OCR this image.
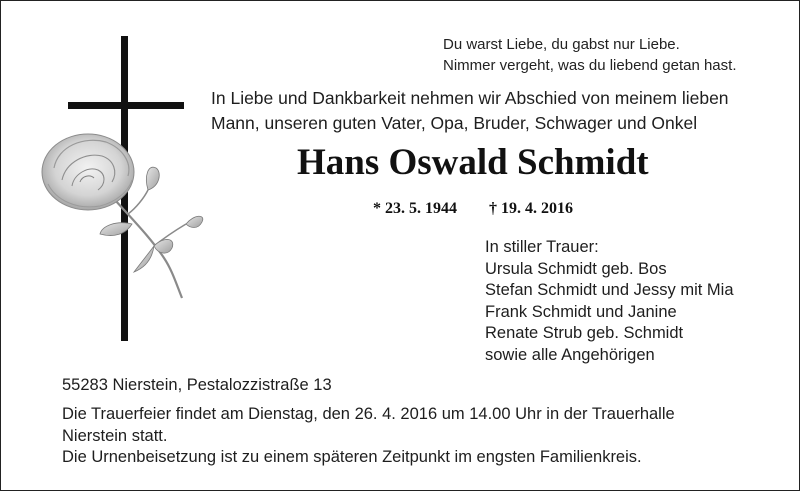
Du warst Liebe, du gabst nur Liebe.
Nimmer vergeht, was du liebend getan hast.
In Liebe und Dankbarkeit nehmen wir Abschied von meinem lieben
Mann, unseren guten Vater, Opa, Bruder, Schwager und Onkel
Hans Oswald Schmidt
* 23. 5. 1944 † 19. 4. 2016
In stiller Trauer:
Ursula Schmidt geb. Bos
Stefan Schmidt und Jessy mit Mia
Frank Schmidt und Janine
Renate Strub geb. Schmidt
sowie alle Angehörigen
55283 Nierstein, Pestalozzistraße 13
Die Trauerfeier findet am Dienstag, den 26. 4. 2016 um 14.00 Uhr in der Trauerhalle
Nierstein statt.
Die Urnenbeisetzung ist zu einem späteren Zeitpunkt im engsten Familienkreis.
